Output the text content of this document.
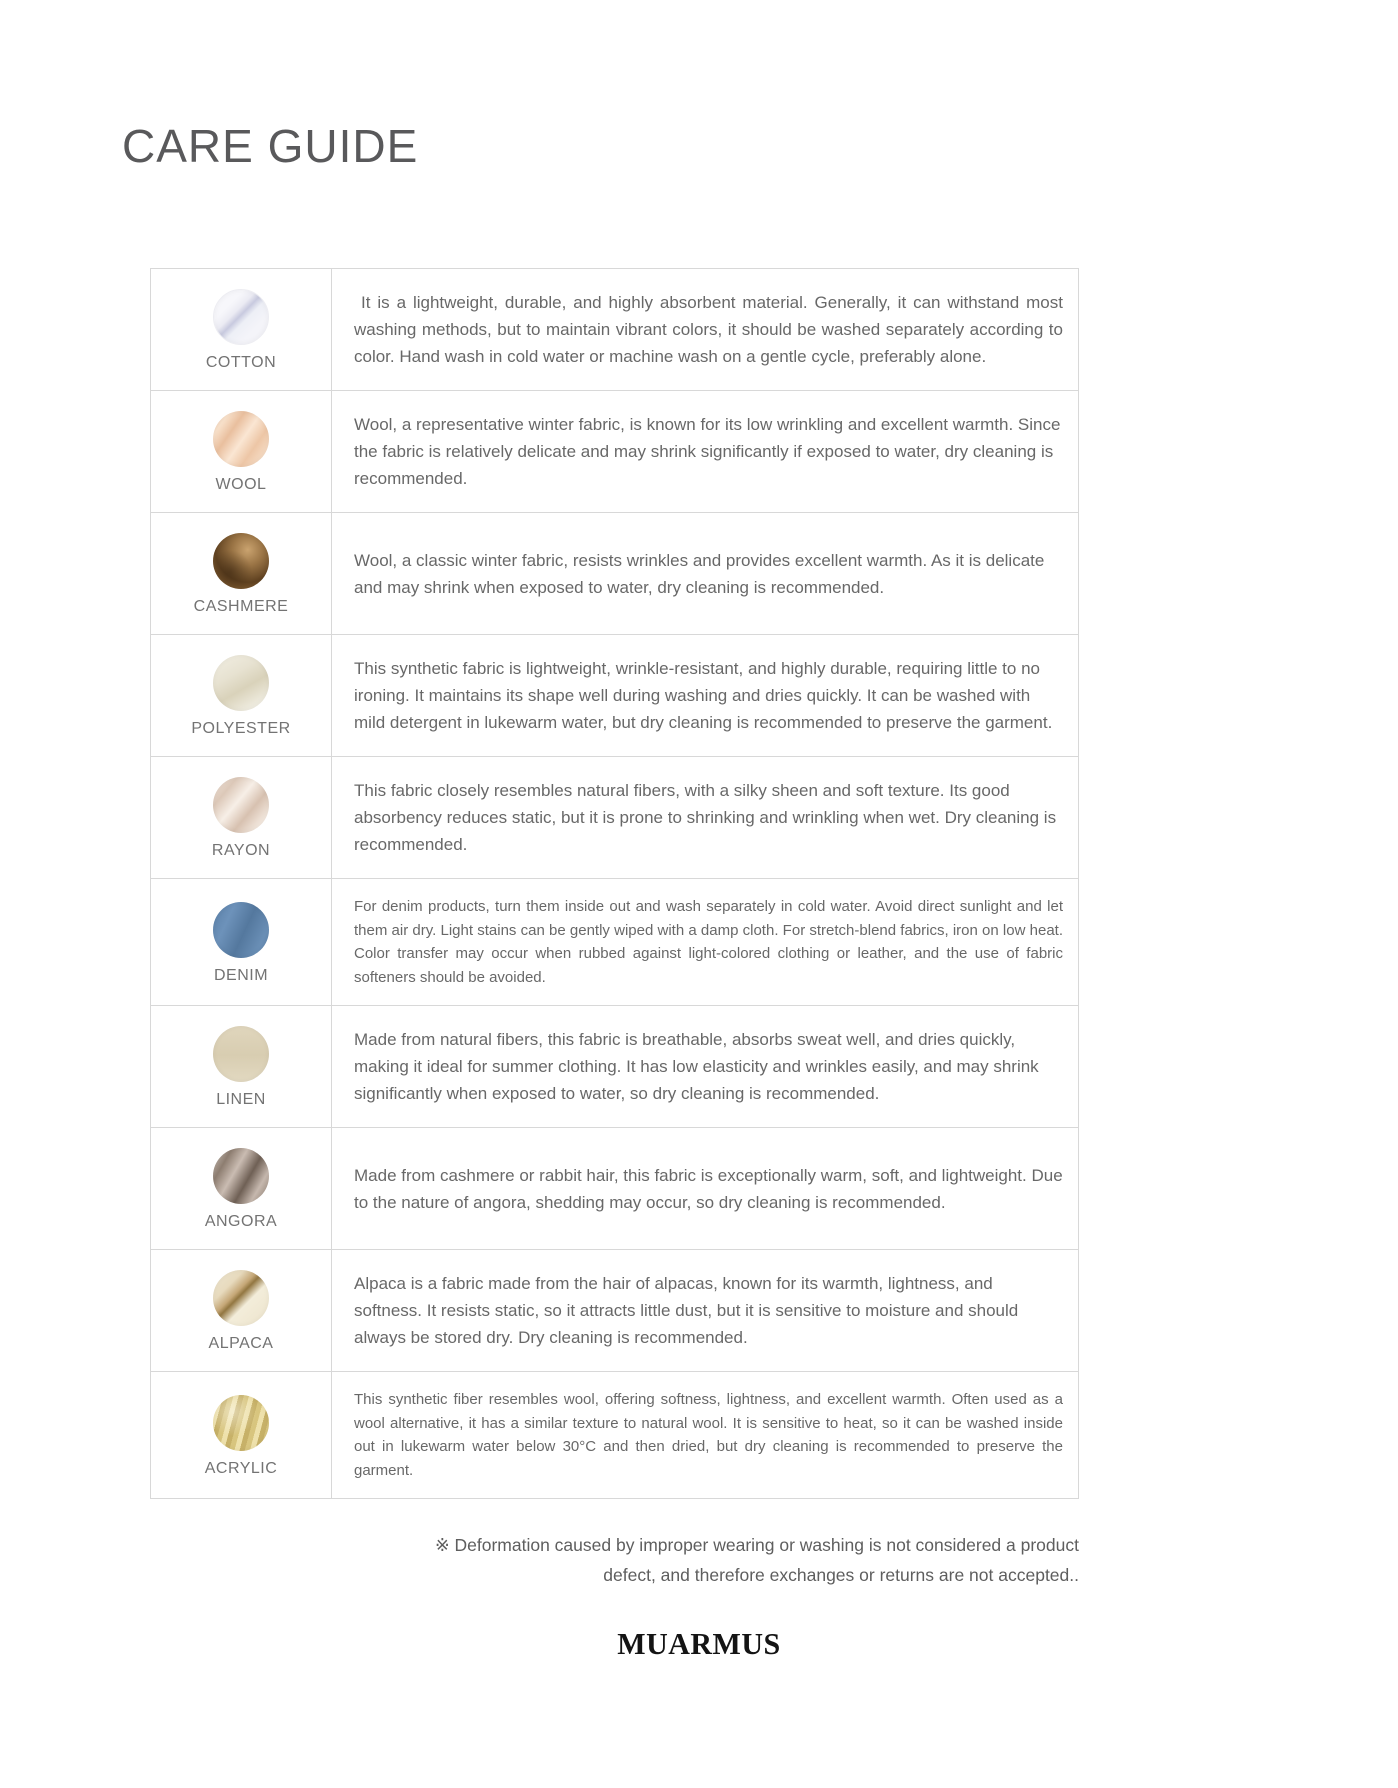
CARE GUIDE
COTTON

It is a lightweight, durable, and highly absorbent material. Generally, it can withstand most washing methods, but to maintain vibrant colors, it should be washed separately according to color. Hand wash in cold water or machine wash on a gentle cycle, preferably alone.

WOOL

Wool, a representative winter fabric, is known for its low wrinkling and excellent warmth. Since the fabric is relatively delicate and may shrink significantly if exposed to water, dry cleaning is recommended.

CASHMERE

Wool, a classic winter fabric, resists wrinkles and provides excellent warmth. As it is delicate and may shrink when exposed to water, dry cleaning is recommended.

POLYESTER

This synthetic fabric is lightweight, wrinkle-resistant, and highly durable, requiring little to no ironing. It maintains its shape well during washing and dries quickly. It can be washed with mild detergent in lukewarm water, but dry cleaning is recommended to preserve the garment.

RAYON

This fabric closely resembles natural fibers, with a silky sheen and soft texture. Its good absorbency reduces static, but it is prone to shrinking and wrinkling when wet. Dry cleaning is recommended.

DENIM

For denim products, turn them inside out and wash separately in cold water. Avoid direct sunlight and let them air dry. Light stains can be gently wiped with a damp cloth. For stretch-blend fabrics, iron on low heat. Color transfer may occur when rubbed against light-colored clothing or leather, and the use of fabric softeners should be avoided.

LINEN

Made from natural fibers, this fabric is breathable, absorbs sweat well, and dries quickly, making it ideal for summer clothing. It has low elasticity and wrinkles easily, and may shrink significantly when exposed to water, so dry cleaning is recommended.

ANGORA

Made from cashmere or rabbit hair, this fabric is exceptionally warm, soft, and lightweight. Due to the nature of angora, shedding may occur, so dry cleaning is recommended.

ALPACA

Alpaca is a fabric made from the hair of alpacas, known for its warmth, lightness, and softness. It resists static, so it attracts little dust, but it is sensitive to moisture and should always be stored dry. Dry cleaning is recommended.

ACRYLIC

This synthetic fiber resembles wool, offering softness, lightness, and excellent warmth. Often used as a wool alternative, it has a similar texture to natural wool. It is sensitive to heat, so it can be washed inside out in lukewarm water below 30°C and then dried, but dry cleaning is recommended to preserve the garment.

※ Deformation caused by improper wearing or washing is not considered a product
defect, and therefore exchanges or returns are not accepted..
MUARMUS
